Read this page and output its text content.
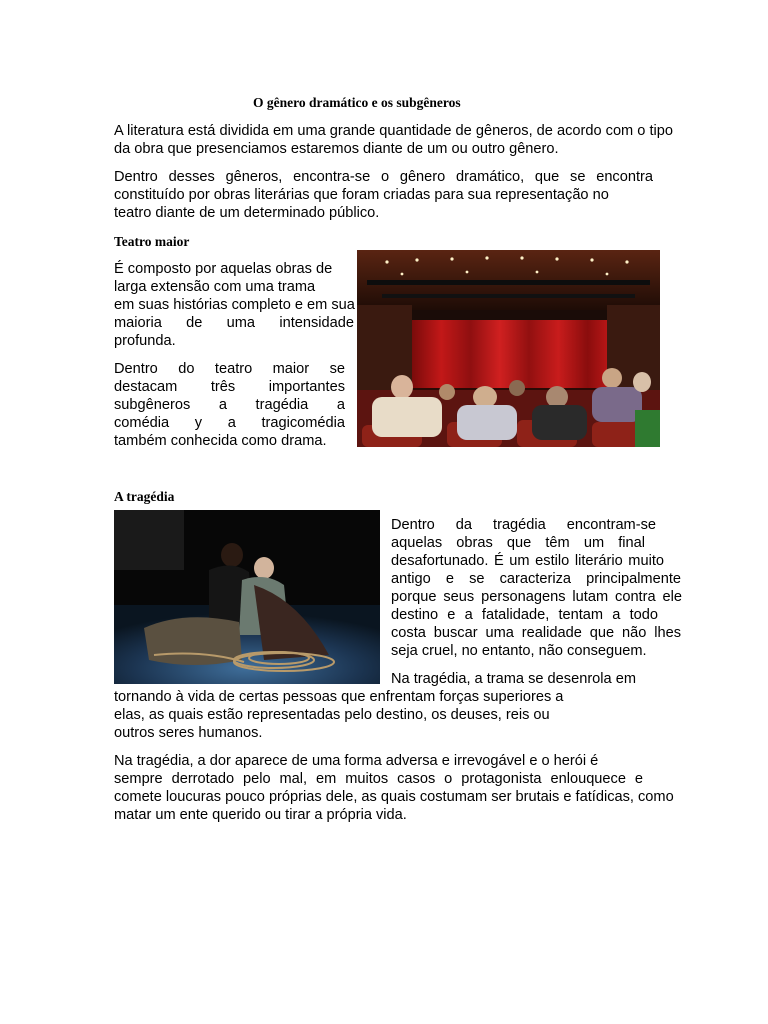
O gênero dramático e os subgêneros
A literatura está dividida em uma grande quantidade de gêneros, de acordo com o tipo
da obra que presenciamos estaremos diante de um ou outro gênero.
Dentro desses gêneros, encontra-se o gênero dramático, que se encontra
constituído por obras literárias que foram criadas para sua representação no
teatro diante de um determinado público.
Teatro maior
É composto por aquelas obras de
larga extensão com uma trama
em suas histórias completo e em sua
maioria de uma intensidade
profunda.
Dentro do teatro maior se
destacam três importantes
subgêneros a tragédia a
comédia y a tragicomédia
também conhecida como drama.
A tragédia
Dentro da tragédia encontram-se
aquelas obras que têm um final
desafortunado. É um estilo literário muito
antigo e se caracteriza principalmente
porque seus personagens lutam contra ele
destino e a fatalidade, tentam a todo
costa buscar uma realidade que não lhes
seja cruel, no entanto, não conseguem.
Na tragédia, a trama se desenrola em
tornando à vida de certas pessoas que enfrentam forças superiores a
elas, as quais estão representadas pelo destino, os deuses, reis ou
outros seres humanos.
Na tragédia, a dor aparece de uma forma adversa e irrevogável e o herói é
sempre derrotado pelo mal, em muitos casos o protagonista enlouquece e
comete loucuras pouco próprias dele, as quais costumam ser brutais e fatídicas, como
matar um ente querido ou tirar a própria vida.
